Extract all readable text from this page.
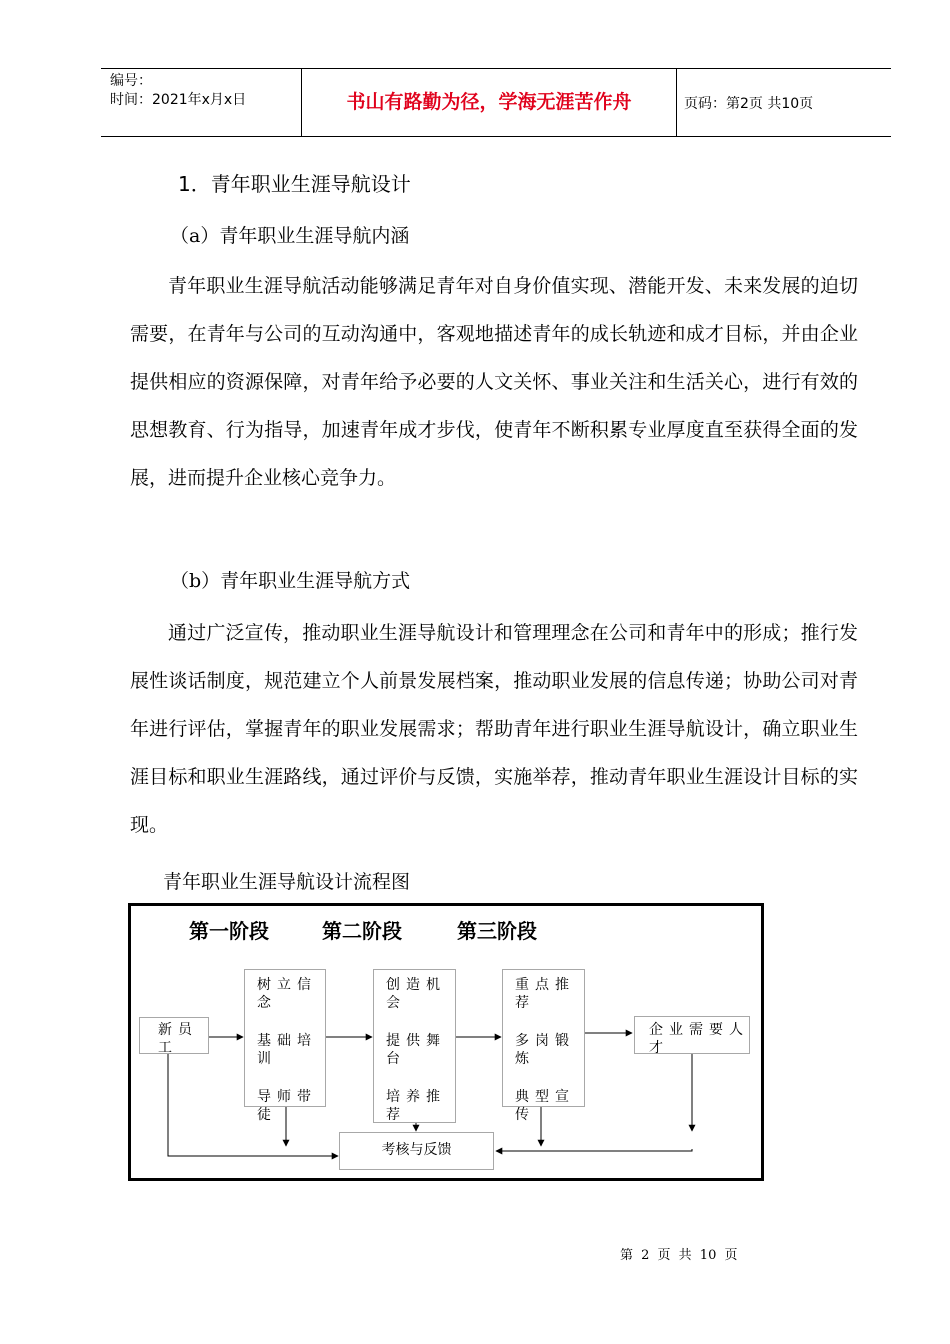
编号：
时间：2021年x月x日	书山有路勤为径，学海无涯苦作舟	页码：第2页 共10页
1．青年职业生涯导航设计
（a）青年职业生涯导航内涵
青年职业生涯导航活动能够满足青年对自身价值实现、潜能开发、未来发展的迫切需要，在青年与公司的互动沟通中，客观地描述青年的成长轨迹和成才目标，并由企业提供相应的资源保障，对青年给予必要的人文关怀、事业关注和生活关心，进行有效的思想教育、行为指导，加速青年成才步伐，使青年不断积累专业厚度直至获得全面的发展，进而提升企业核心竞争力。
（b）青年职业生涯导航方式
通过广泛宣传，推动职业生涯导航设计和管理理念在公司和青年中的形成；推行发展性谈话制度，规范建立个人前景发展档案，推动职业发展的信息传递；协助公司对青年进行评估，掌握青年的职业发展需求；帮助青年进行职业生涯导航设计，确立职业生涯目标和职业生涯路线，通过评价与反馈，实施举荐，推动青年职业生涯设计目标的实现。
青年职业生涯导航设计流程图
第一阶段	第二阶段	第三阶段
新员工
树立信念
基础培训
导师带徒
创造机会
提供舞台
培养推荐
重点推荐
多岗锻炼
典型宣传
企业需要人才
考核与反馈
第 2 页 共 10 页
